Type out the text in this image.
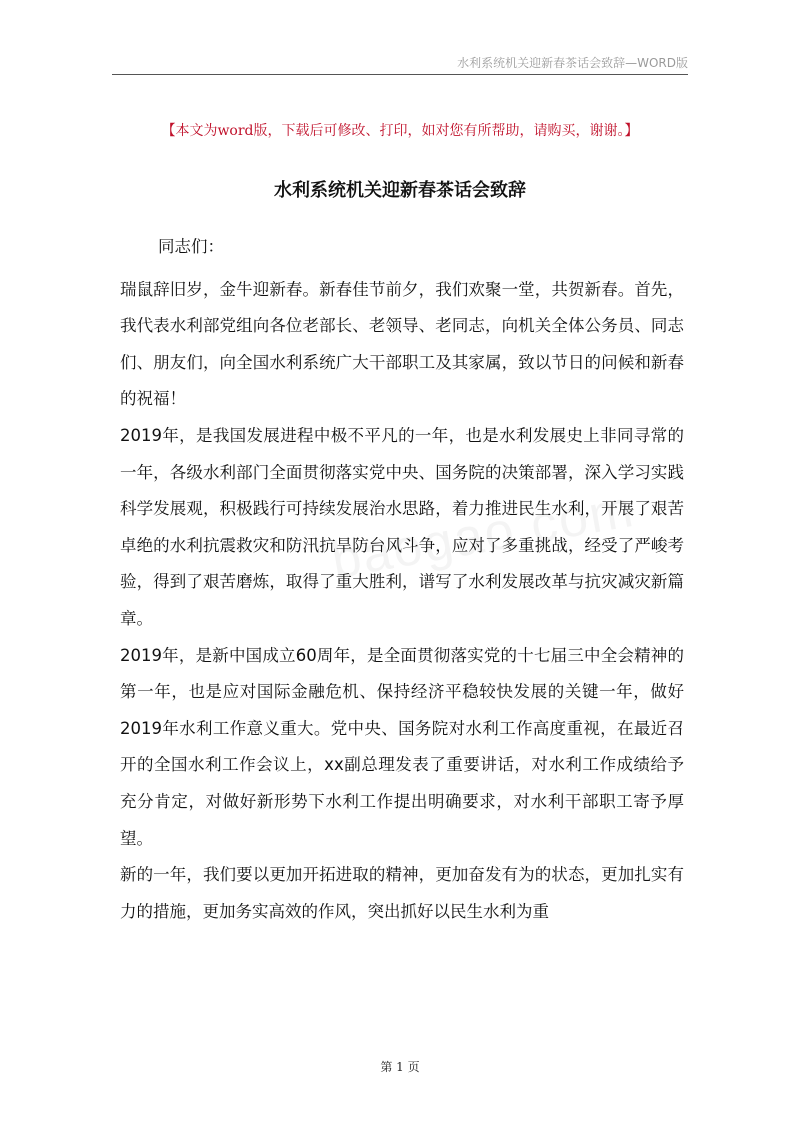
水利系统机关迎新春茶话会致辞—WORD版
【本文为word版，下载后可修改、打印，如对您有所帮助，请购买，谢谢。】
水利系统机关迎新春茶话会致辞

同志们：

瑞鼠辞旧岁，金牛迎新春。新春佳节前夕，我们欢聚一堂，共贺新春。首先，我代表水利部党组向各位老部长、老领导、老同志，向机关全体公务员、同志们、朋友们，向全国水利系统广大干部职工及其家属，致以节日的问候和新春的祝福！

2019年，是我国发展进程中极不平凡的一年，也是水利发展史上非同寻常的一年，各级水利部门全面贯彻落实党中央、国务院的决策部署，深入学习实践科学发展观，积极践行可持续发展治水思路，着力推进民生水利，开展了艰苦卓绝的水利抗震救灾和防汛抗旱防台风斗争，应对了多重挑战，经受了严峻考验，得到了艰苦磨炼，取得了重大胜利，谱写了水利发展改革与抗灾减灾新篇章。

2019年，是新中国成立60周年，是全面贯彻落实党的十七届三中全会精神的第一年，也是应对国际金融危机、保持经济平稳较快发展的关键一年，做好2019年水利工作意义重大。党中央、国务院对水利工作高度重视，在最近召开的全国水利工作会议上，xx副总理发表了重要讲话，对水利工作成绩给予充分肯定，对做好新形势下水利工作提出明确要求，对水利干部职工寄予厚望。

新的一年，我们要以更加开拓进取的精神，更加奋发有为的状态，更加扎实有力的措施，更加务实高效的作风，突出抓好以民生水利为重

第 1 页
